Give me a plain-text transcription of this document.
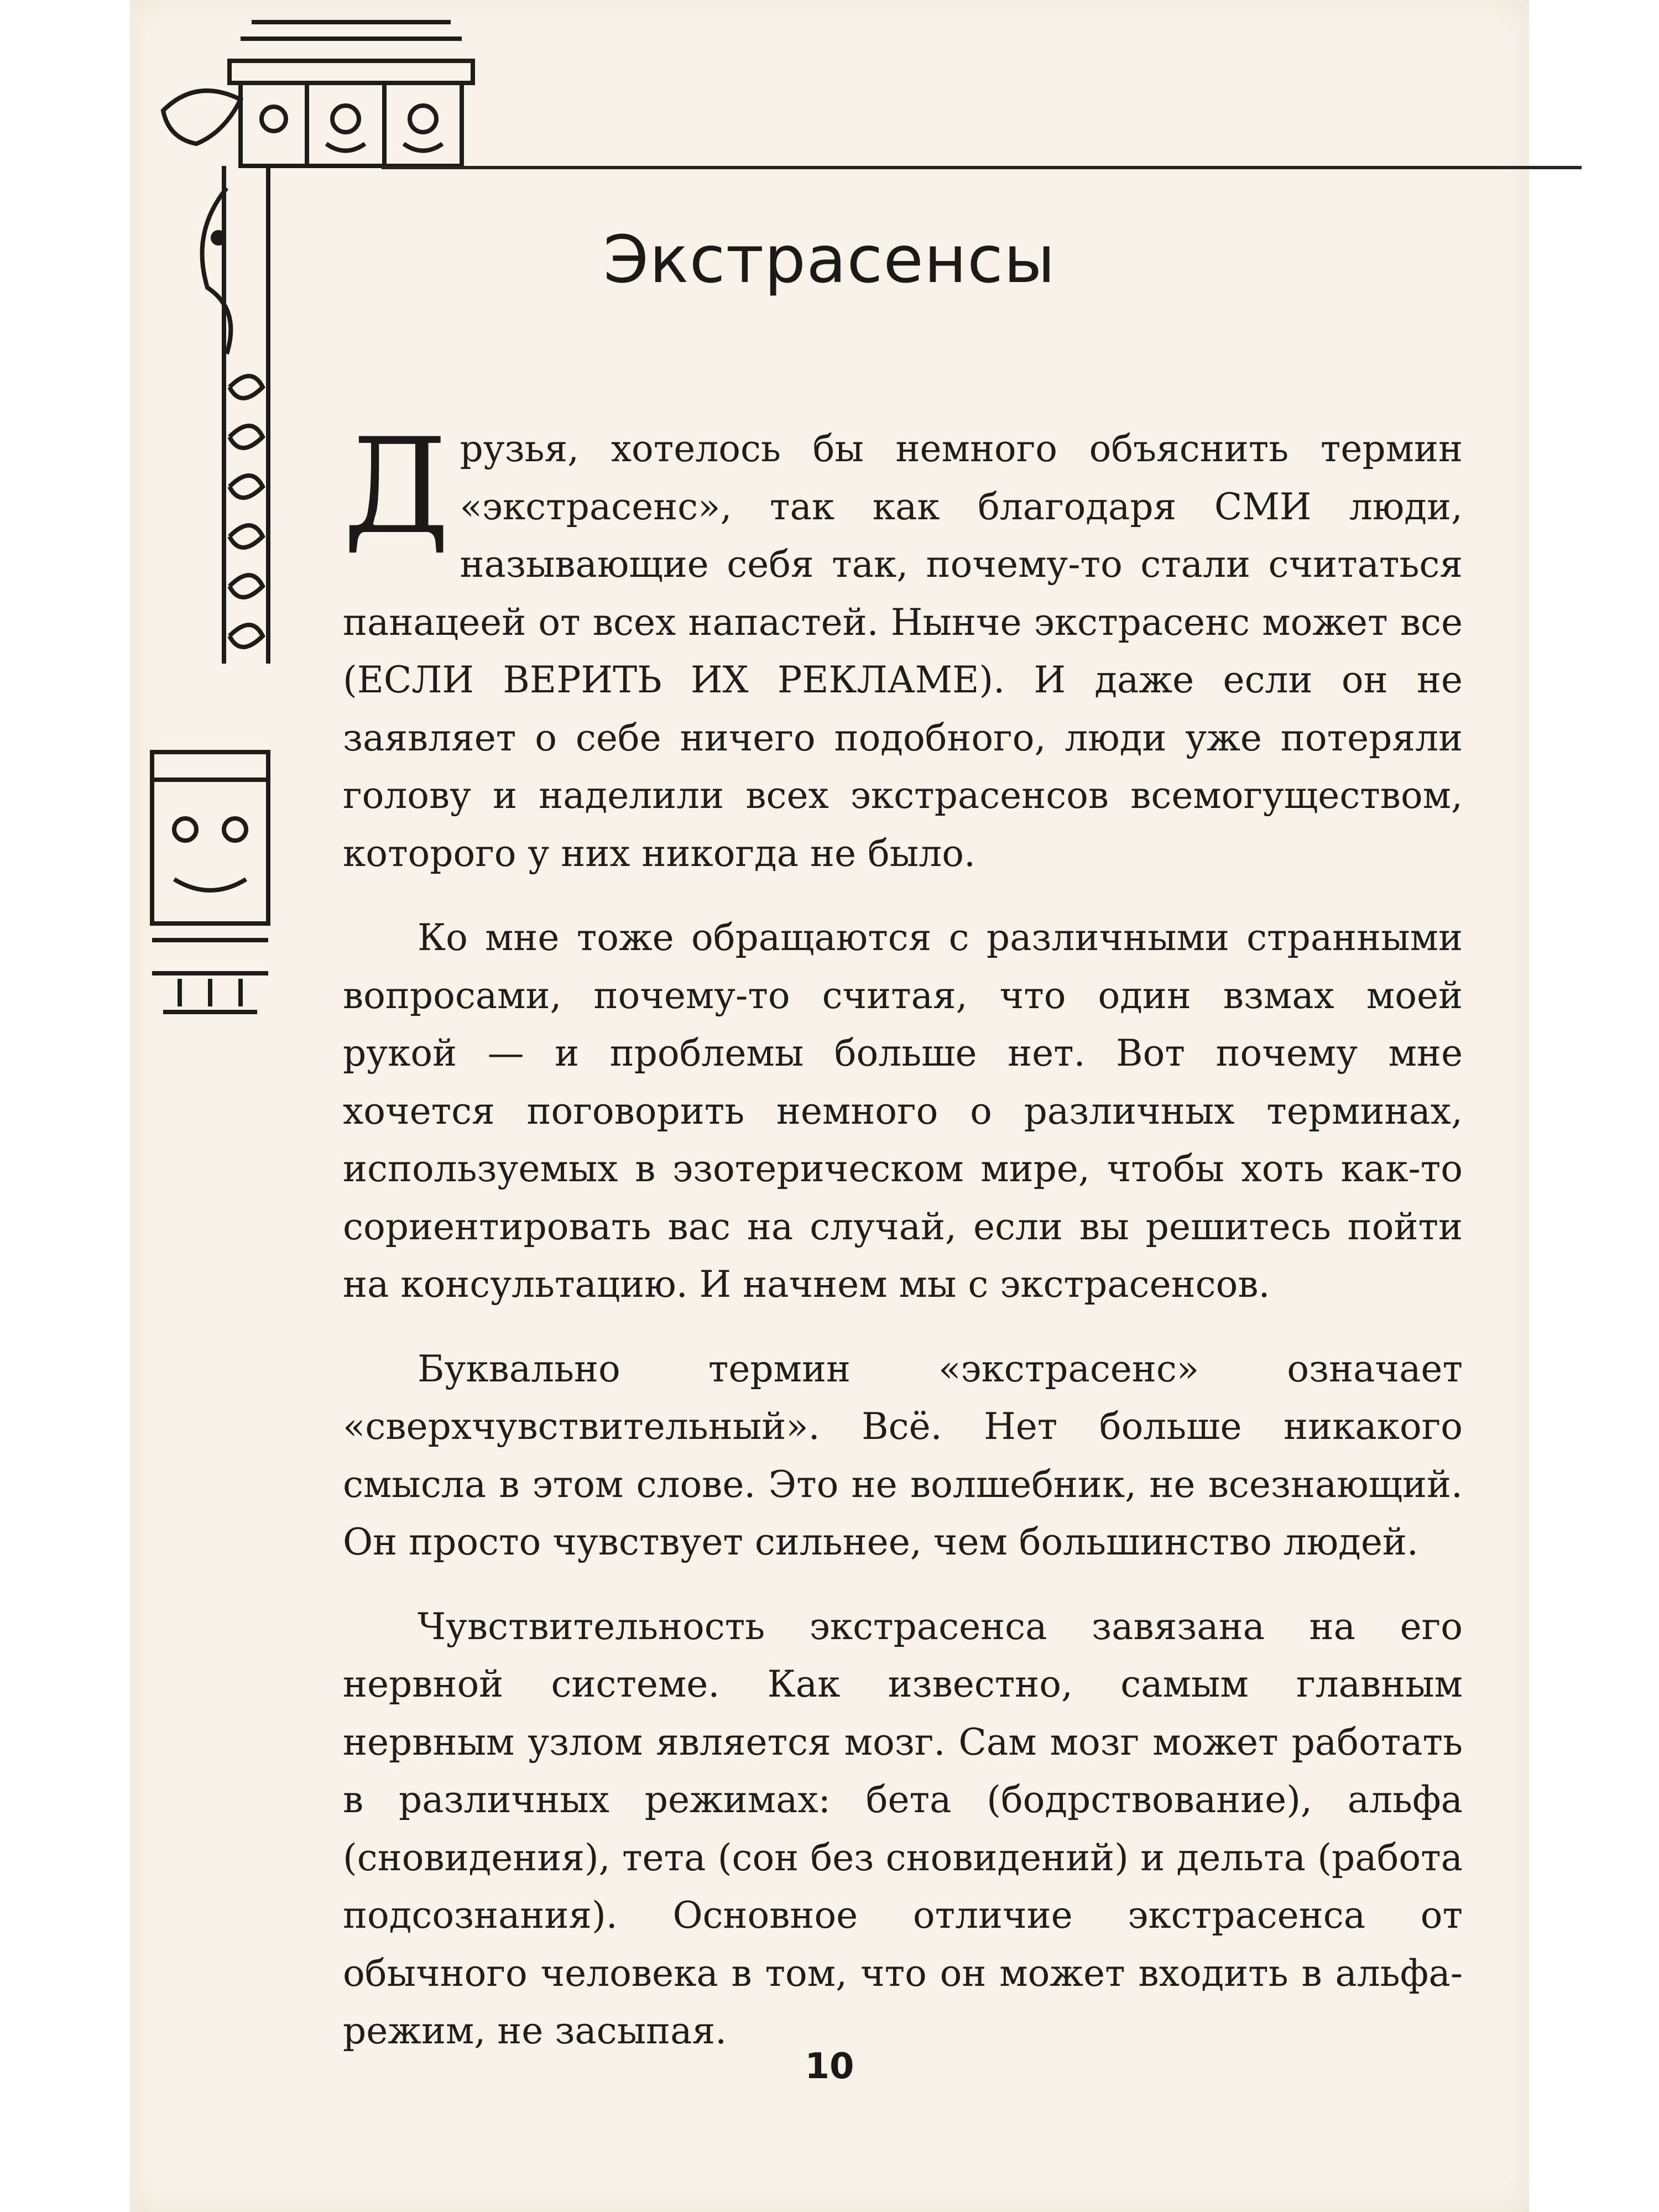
Экстрасенсы

Друзья, хотелось бы немного объяснить термин «экстрасенс», так как благодаря СМИ люди, называющие себя так, почему-то стали считаться панацеей от всех напастей. Нынче экстрасенс может все (ЕСЛИ ВЕРИТЬ ИХ РЕКЛАМЕ). И даже если он не заявляет о себе ничего подобного, люди уже потеряли голову и наделили всех экстрасенсов всемогуществом, которого у них никогда не было.

Ко мне тоже обращаются с различными странными вопросами, почему-то считая, что один взмах моей рукой — и проблемы больше нет. Вот почему мне хочется поговорить немного о различных терминах, используемых в эзотерическом мире, чтобы хоть как-то сориентировать вас на случай, если вы решитесь пойти на консультацию. И начнем мы с экстрасенсов.

Буквально термин «экстрасенс» означает «сверхчувствительный». Всё. Нет больше никакого смысла в этом слове. Это не волшебник, не всезнающий. Он просто чувствует сильнее, чем большинство людей.

Чувствительность экстрасенса завязана на его нервной системе. Как известно, самым главным нервным узлом является мозг. Сам мозг может работать в различных режимах: бета (бодрствование), альфа (сновидения), тета (сон без сновидений) и дельта (работа подсознания). Основное отличие экстрасенса от обычного человека в том, что он может входить в альфа-режим, не засыпая.

10
